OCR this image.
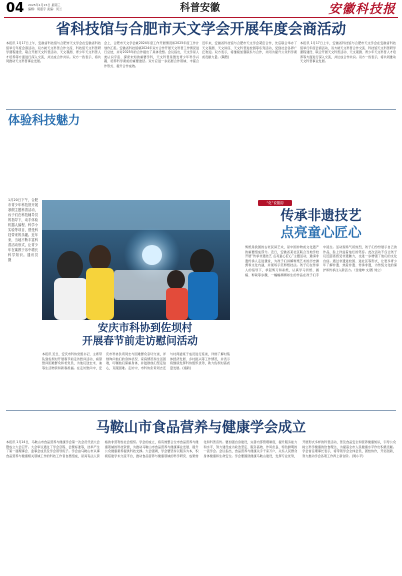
04	2025年1月15日 星期三
编辑：胡嘉宇 美编：何兰	科普安徽	安徽科技报
省科技馆与合肥市天文学会开展年度会商活动
本报讯 1月17日上午，安徽省科技馆与合肥市天文学会在安徽省科技馆举行年度会商活动，双方就天文科普合作交流、科技馆天文科普研学课程建设、联合开展天文科普活动、天文观测、青少年天文科普人才培养等方面进行深入交流，并达成合作共识。双方一致表示，将共同推动天文科普事业发展。
会上，合肥市天文学会就2024年度工作开展情况和2025年度工作计划作汇报。安徽省科技馆就2024年双方合作开展天文科普工作情况进行总结，并对2025年的合作提出了具体设想。会议指出，天文学是人类认识宇宙、探索未知的重要学科，天文科普是激发青少年科学兴趣、培养科学素质的重要途径。双方应进一步拓展合作领域、丰富合作形式、提升合作成效。
近年来，安徽省科技馆与合肥市天文学会紧密合作，先后联合举办了天文观测、天文讲座、天文科普进校园等系列活动，受到社会各界广泛欢迎。双方表示，将继续加强联系与合作，共同为提升公众科学素质贡献力量。(陶煦)
本报讯 1月17日上午，安徽省科技馆与合肥市天文学会在安徽省科技馆举行年度会商活动，双方就天文科普合作交流、科技馆天文科普研学课程建设、联合开展天文科普活动、天文观测、青少年天文科普人才培养等方面进行深入交流，并达成合作共识。双方一致表示，将共同推动天文科普事业发展。
体验科技魅力
1月20日下午，合肥市青少年科技馆开展寒假主题科普活动，孩子们在科技辅导员的指导下，动手体验机器人编程、科学小实验等项目，感受科技带来的乐趣。近年来，当地不断丰富科普活动形式，让青少年在寓教于乐中增长科学知识。通讯员 摄
安庆市科协到佐坝村
开展春节前走访慰问活动
本报讯 近日，安庆市科协党组书记、主席带队到佐坝村开展春节前走访慰问活动，看望慰问困难群众和老党员，为他们送去米、油等生活物资和新春祝福。在走访慰问中，安庆市科协负责同志与困难群众亲切交谈，详细询问他们的身体状况、家庭情况和生活困难，叮嘱他们保重身体，并鼓励他们坚定信心，克服困难。走访中，市科协负责同志还与村两委班子成员进行座谈，详细了解村集体经济发展、乡村振兴等工作情况，并表示将继续发挥科协组织优势，助力佐坝村高质量发展。(褚新)
“化”说徽韵
传承非遗技艺
点亮童心匠心
剪纸是我国的古老民间艺术，是中国非物质文化遗产的重要组成部分。近日，安徽省某社区联合当地学校开展“传承非遗技艺 点亮童心匠心”主题活动，邀请非遗传承人走进课堂，为孩子们讲解剪纸艺术的历史渊源和文化内涵，并现场示范剪纸技法。孩子们在传承人的指导下，拿起剪刀和彩纸，认真学习折纸、画稿、剪裁等步骤，一幅幅栩栩如生的作品在孩子们手中诞生。活动现场气氛热烈，孩子们纷纷展示自己的作品，脸上洋溢着灿烂的笑容。此次活动不仅让孩子们近距离感受非遗魅力，也进一步增强了他们的文化自信。通过非遗进校园、进社区等形式，让更多青少年了解非遗、热爱非遗、传承非遗，为传统文化的保护和传承注入新活力。（金建坤 文/图 刘立）
马鞍山市食品营养与健康学会成立
本报讯 1月14日，马鞍山市食品营养与健康学会第一次会员代表大会暨成立大会召开。大会审议通过了学会章程、会费标准等，选举产生了第一届理事会、监事会成员及学会领导班子。学会由马鞍山市从事食品营养与健康相关领域工作的科技工作者自愿组成，是具有法人资格的非营利性社会组织。学会的成立，将有效整合全市食品营养与健康领域的科技资源，为推动马鞍山市食品营养与健康事业发展、提升公众健康素养提供科技支撑。大会强调，学会要坚持以服务为本，积极搭建学术交流平台，推动食品营养与健康领域的科学研究、成果转化和科普宣传。要加强自身建设，完善内部管理制度，提升服务能力和水平，努力建设成为政治坚定、服务高效、作风优良、特色鲜明的一流学会。会议指出，食品营养与健康关乎千家万户，关系人民群众身体健康和生命安全。学会要围绕健康马鞍山建设，发挥专业优势，开展形式多样的科普活动，普及食品安全和营养健康知识，引导公众树立科学健康的饮食理念，为提高全市人民健康水平作出积极贡献。学会首任理事长表示，将带领学会全体会员，团结协作，开拓创新，努力推动学会各项工作再上新台阶。(周小平)
